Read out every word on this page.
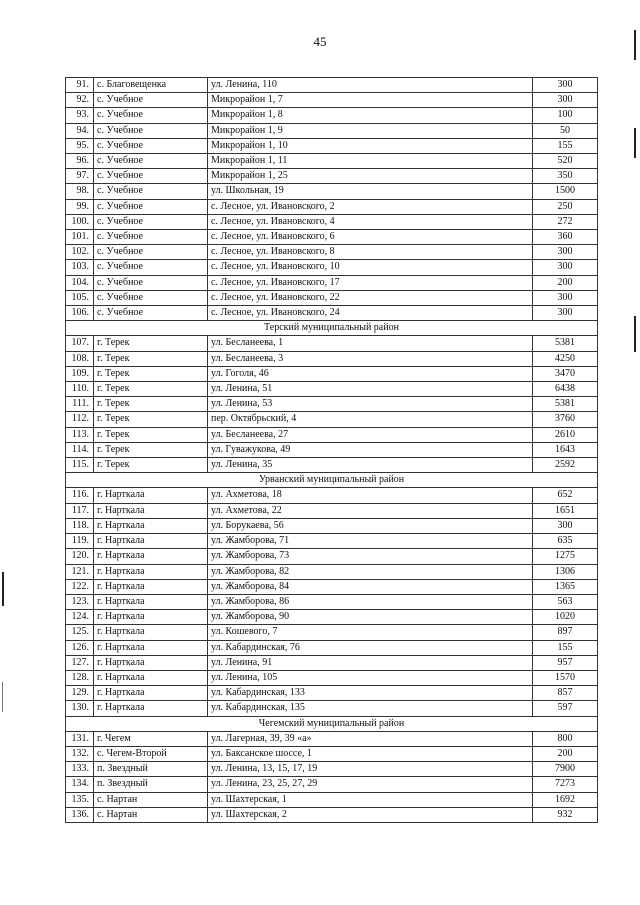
45
91.	с. Благовещенка	ул. Ленина, 110	300
92.	с. Учебное	Микрорайон 1, 7	300
93.	с. Учебное	Микрорайон 1, 8	100
94.	с. Учебное	Микрорайон 1, 9	50
95.	с. Учебное	Микрорайон 1, 10	155
96.	с. Учебное	Микрорайон 1, 11	520
97.	с. Учебное	Микрорайон 1, 25	350
98.	с. Учебное	ул. Школьная, 19	1500
99.	с. Учебное	с. Лесное, ул. Ивановского, 2	250
100.	с. Учебное	с. Лесное, ул. Ивановского, 4	272
101.	с. Учебное	с. Лесное, ул. Ивановского, 6	360
102.	с. Учебное	с. Лесное, ул. Ивановского, 8	300
103.	с. Учебное	с. Лесное, ул. Ивановского, 10	300
104.	с. Учебное	с. Лесное, ул. Ивановского, 17	200
105.	с. Учебное	с. Лесное, ул. Ивановского, 22	300
106.	с. Учебное	с. Лесное, ул. Ивановского, 24	300
Терский муниципальный район			
107.	г. Терек	ул. Бесланеева, 1	5381
108.	г. Терек	ул. Бесланеева, 3	4250
109.	г. Терек	ул. Гоголя, 46	3470
110.	г. Терек	ул. Ленина, 51	6438
111.	г. Терек	ул. Ленина, 53	5381
112.	г. Терек	пер. Октябрьский, 4	3760
113.	г. Терек	ул. Бесланеева, 27	2610
114.	г. Терек	ул. Гуважукова, 49	1643
115.	г. Терек	ул. Ленина, 35	2592
Урванский муниципальный район			
116.	г. Нарткала	ул. Ахметова, 18	652
117.	г. Нарткала	ул. Ахметова, 22	1651
118.	г. Нарткала	ул. Борукаева, 56	300
119.	г. Нарткала	ул. Жамборова, 71	635
120.	г. Нарткала	ул. Жамборова, 73	1275
121.	г. Нарткала	ул. Жамборова, 82	1306
122.	г. Нарткала	ул. Жамборова, 84	1365
123.	г. Нарткала	ул. Жамборова, 86	563
124.	г. Нарткала	ул. Жамборова, 90	1020
125.	г. Нарткала	ул. Кошевого, 7	897
126.	г. Нарткала	ул. Кабардинская, 76	155
127.	г. Нарткала	ул. Ленина, 91	957
128.	г. Нарткала	ул. Ленина, 105	1570
129.	г. Нарткала	ул. Кабардинская, 133	857
130.	г. Нарткала	ул. Кабардинская, 135	597
Чегемский муниципальный район			
131.	г. Чегем	ул. Лагерная, 39, 39 «а»	800
132.	с. Чегем-Второй	ул. Баксанское шоссе, 1	200
133.	п. Звездный	ул. Ленина, 13, 15, 17, 19	7900
134.	п. Звездный	ул. Ленина, 23, 25, 27, 29	7273
135.	с. Нартан	ул. Шахтерская, 1	1692
136.	с. Нартан	ул. Шахтерская, 2	932
